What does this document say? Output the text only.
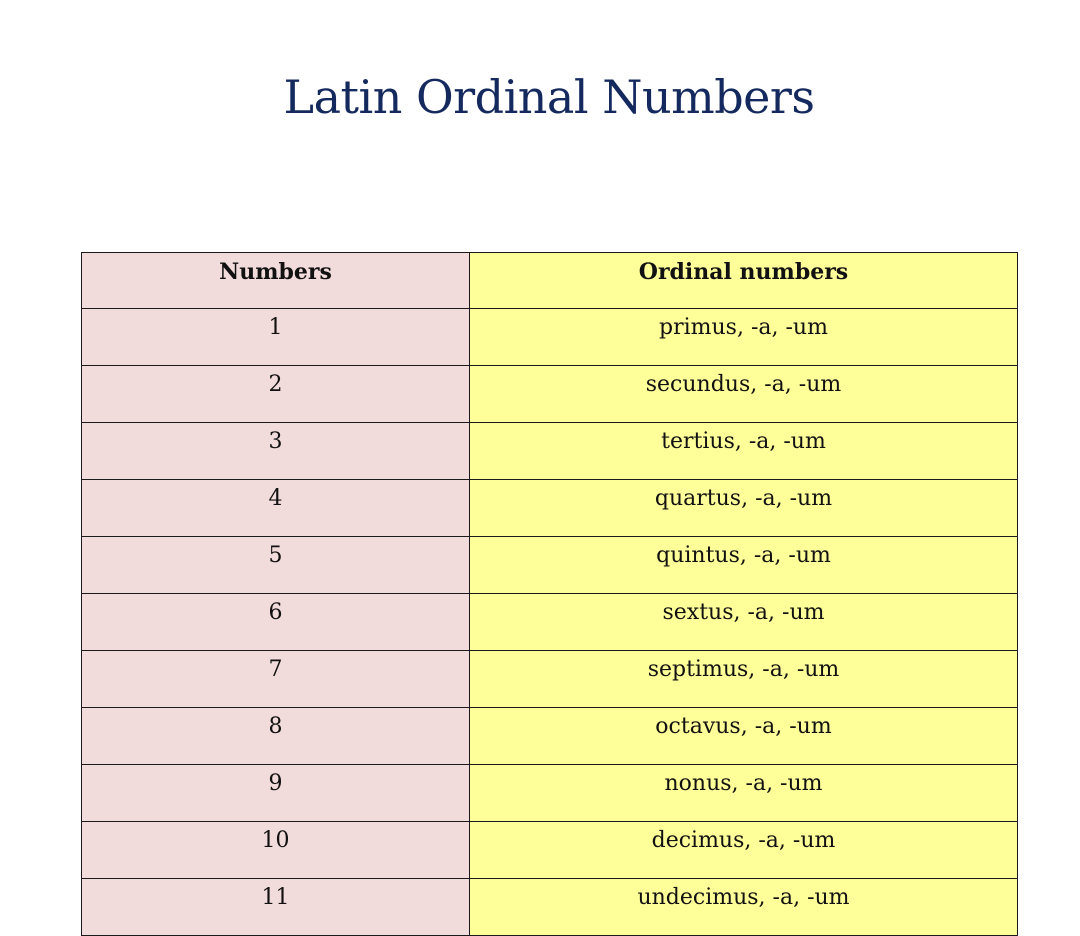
Latin Ordinal Numbers
Numbers	Ordinal numbers
1	primus, -a, -um
2	secundus, -a, -um
3	tertius, -a, -um
4	quartus, -a, -um
5	quintus, -a, -um
6	sextus, -a, -um
7	septimus, -a, -um
8	octavus, -a, -um
9	nonus, -a, -um
10	decimus, -a, -um
11	undecimus, -a, -um
